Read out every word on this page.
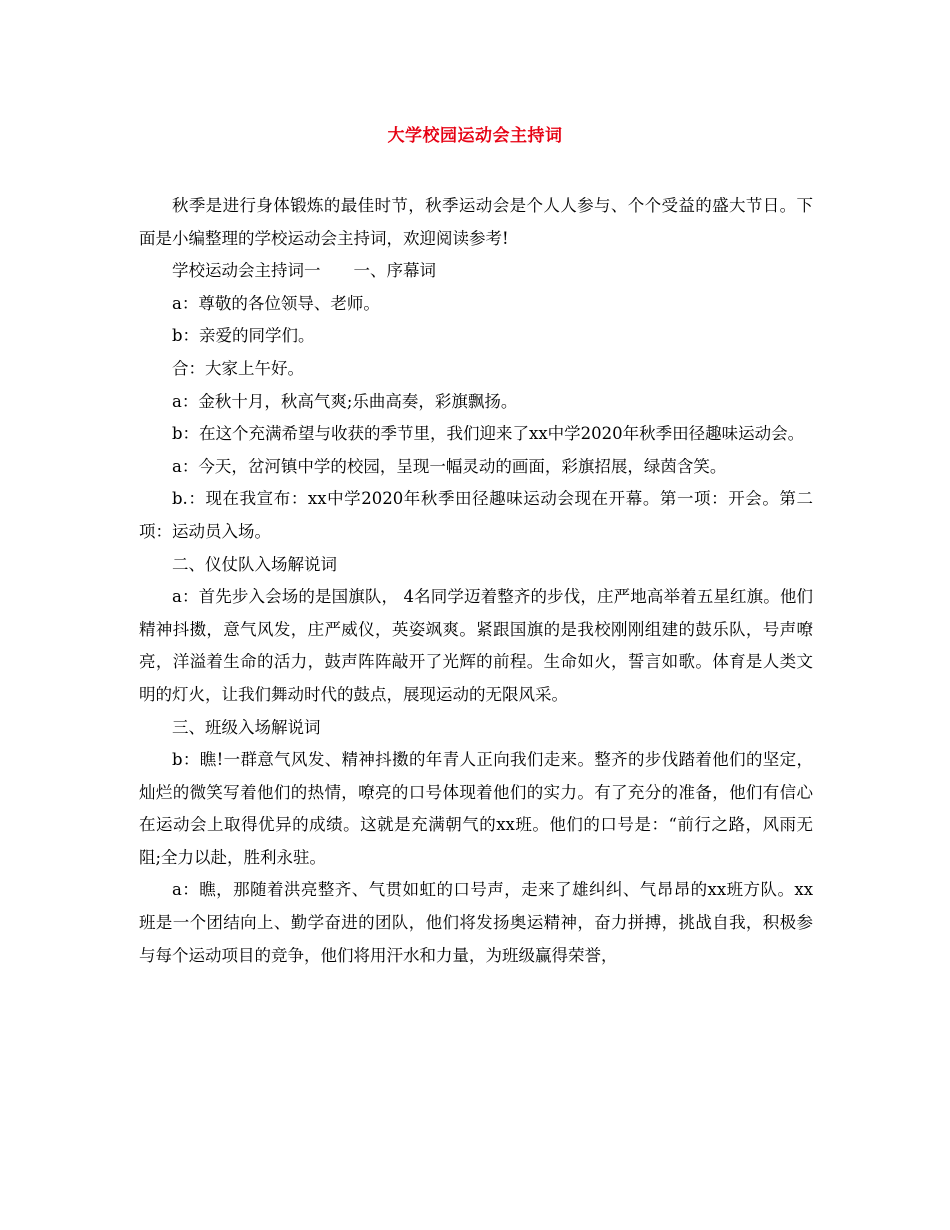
大学校园运动会主持词

秋季是进行身体锻炼的最佳时节，秋季运动会是个人人参与、个个受益的盛大节日。下面是小编整理的学校运动会主持词，欢迎阅读参考!

学校运动会主持词一　　一、序幕词

a：尊敬的各位领导、老师。

b：亲爱的同学们。

合：大家上午好。

a：金秋十月，秋高气爽;乐曲高奏，彩旗飘扬。

b：在这个充满希望与收获的季节里，我们迎来了xx中学2020年秋季田径趣味运动会。

a：今天，岔河镇中学的校园，呈现一幅灵动的画面，彩旗招展，绿茵含笑。

b.：现在我宣布：xx中学2020年秋季田径趣味运动会现在开幕。第一项：开会。第二项：运动员入场。

二、仪仗队入场解说词

a：首先步入会场的是国旗队， 4名同学迈着整齐的步伐，庄严地高举着五星红旗。他们精神抖擞，意气风发，庄严威仪，英姿飒爽。紧跟国旗的是我校刚刚组建的鼓乐队，号声嘹亮，洋溢着生命的活力，鼓声阵阵敲开了光辉的前程。生命如火，誓言如歌。体育是人类文明的灯火，让我们舞动时代的鼓点，展现运动的无限风采。

三、班级入场解说词

b：瞧!一群意气风发、精神抖擞的年青人正向我们走来。整齐的步伐踏着他们的坚定，灿烂的微笑写着他们的热情，嘹亮的口号体现着他们的实力。有了充分的准备，他们有信心在运动会上取得优异的成绩。这就是充满朝气的xx班。他们的口号是：“前行之路，风雨无阻;全力以赴，胜利永驻。

a：瞧，那随着洪亮整齐、气贯如虹的口号声，走来了雄纠纠、气昂昂的xx班方队。xx班是一个团结向上、勤学奋进的团队，他们将发扬奥运精神，奋力拼搏，挑战自我，积极参与每个运动项目的竞争，他们将用汗水和力量，为班级赢得荣誉，
